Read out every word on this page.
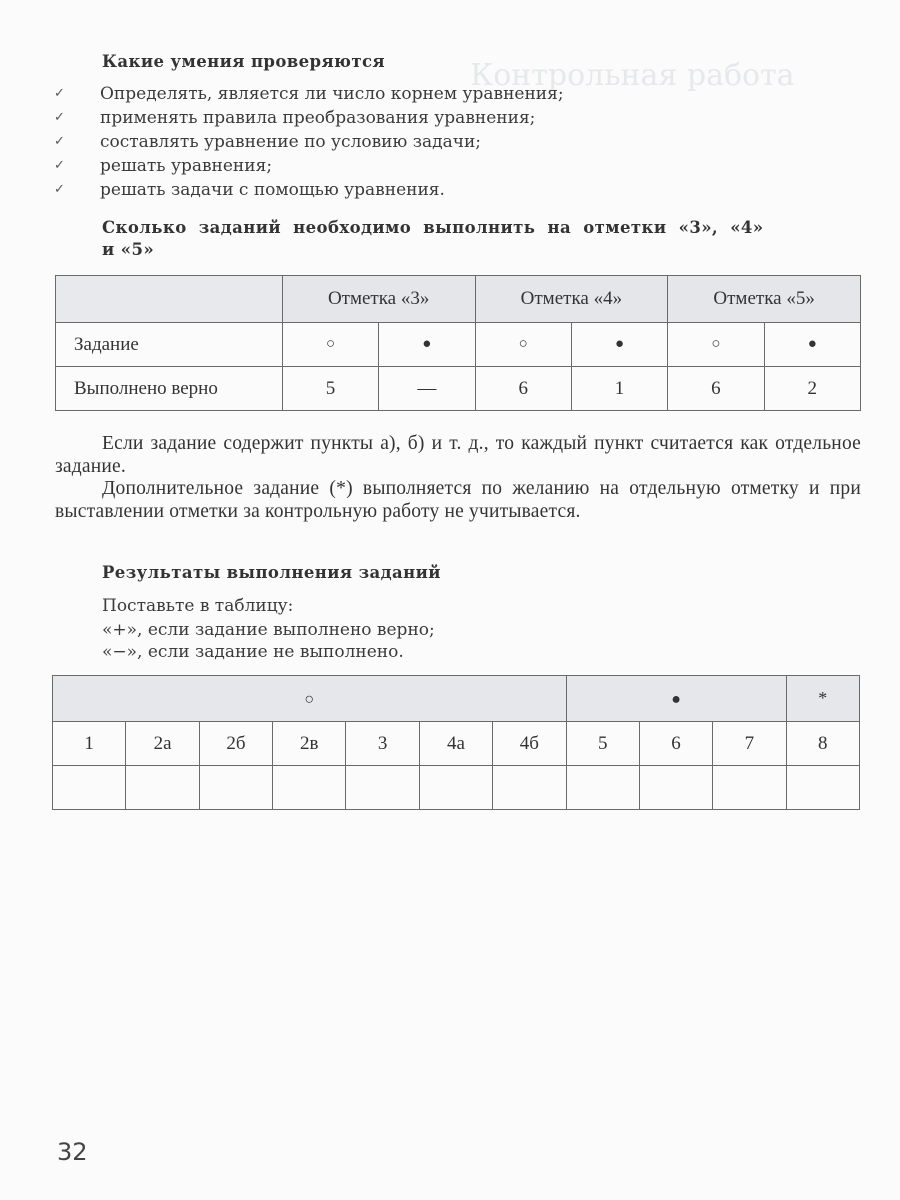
Контрольная работа
Какие умения проверяются
✓	Определять, является ли число корнем уравнения;
✓	применять правила преобразования уравнения;
✓	составлять уравнение по условию задачи;
✓	решать уравнения;
✓	решать задачи с помощью уравнения.
Сколько заданий необходимо выполнить на отметки «3», «4»
и «5»
	Отметка «3»		Отметка «4»		Отметка «5»	
Задание	○	●	○	●	○	●
Выполнено верно	5	—	6	1	6	2
Если задание содержит пункты а), б) и т. д., то каждый пункт считается как отдельное задание.
Дополнительное задание (*) выполняется по желанию на отдельную отметку и при выставлении отметки за контрольную работу не учитывается.
Результаты выполнения заданий
Поставьте в таблицу:
«+», если задание выполнено верно;
«−», если задание не выполнено.
○							●			*
1	2а	2б	2в	3	4а	4б	5	6	7	8

32
